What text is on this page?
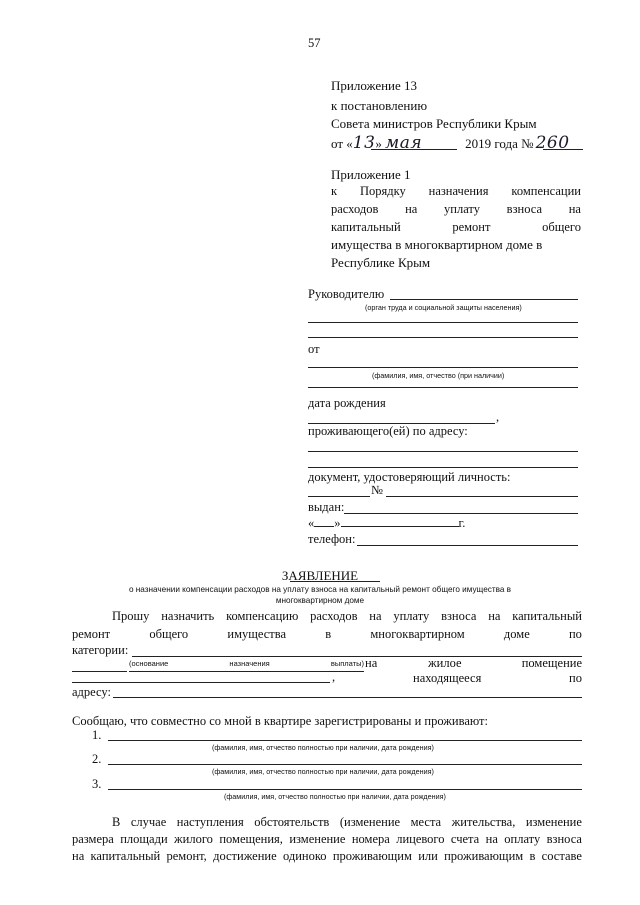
57
Приложение 13
к постановлению
Совета министров Республики Крым
от «13» мая	2019 года № 260
Приложение 1
к Порядку назначения компенсации
расходов на уплату взноса на
капитальный	ремонт	общего
имущества в многоквартирном доме в
Республике Крым
Руководителю
(орган труда и социальной защиты населения)
от
(фамилия, имя, отчество (при наличии)
дата рождения
,
проживающего(ей) по адресу:
документ, удостоверяющий личность:
№
выдан:
« »	г.
телефон:
ЗАЯВЛЕНИЕ
о назначении компенсации расходов на уплату взноса на капитальный ремонт общего имущества в
многоквартирном доме
Прошу назначить компенсацию расходов на уплату взноса на капитальный
ремонт	общего	имущества	в	многоквартирном	доме	по
категории:
(основание	назначения	выплаты) на	жилое	помещение
,	находящееся	по
адресу:
Сообщаю, что совместно со мной в квартире зарегистрированы и проживают:
1.
(фамилия, имя, отчество полностью при наличии, дата рождения)
2.
(фамилия, имя, отчество полностью при наличии, дата рождения)
3.
(фамилия, имя, отчество полностью при наличии, дата рождения)
В случае наступления обстоятельств (изменение места жительства, изменение
размера площади жилого помещения, изменение номера лицевого счета на оплату взноса
на капитальный ремонт, достижение одиноко проживающим или проживающим в составе
